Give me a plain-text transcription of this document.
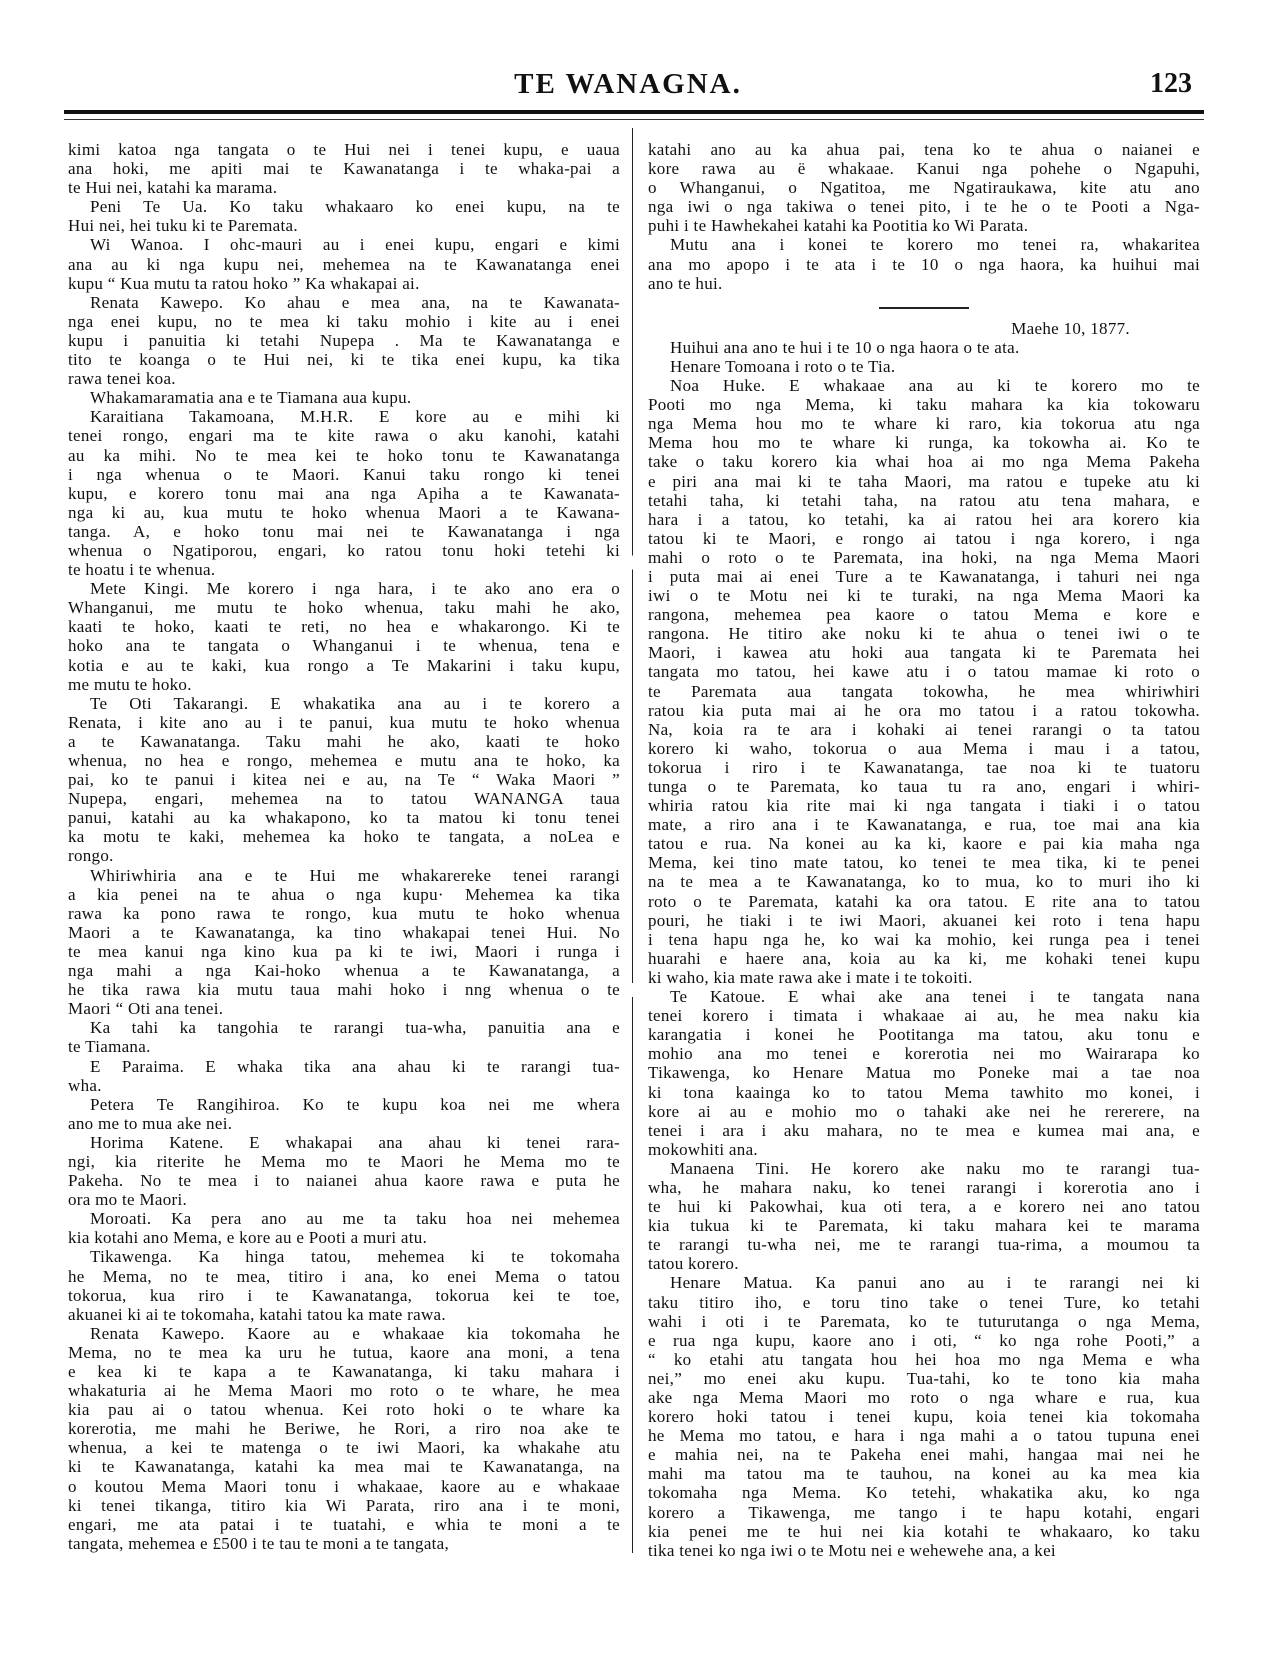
TE WANAGNA.	123
kimi katoa nga tangata o te Hui nei i tenei kupu, e uaua
ana hoki, me apiti mai te Kawanatanga i te whaka-pai a
te Hui nei, katahi ka marama.
Peni Te Ua. Ko taku whakaaro ko enei kupu, na te
Hui nei, hei tuku ki te Paremata.
Wi Wanoa. I ohc-mauri au i enei kupu, engari e kimi
ana au ki nga kupu nei, mehemea na te Kawanatanga enei
kupu “ Kua mutu ta ratou hoko ” Ka whakapai ai.
Renata Kawepo. Ko ahau e mea ana, na te Kawanata-
nga enei kupu, no te mea ki taku mohio i kite au i enei
kupu i panuitia ki tetahi Nupepa . Ma te Kawanatanga e
tito te koanga o te Hui nei, ki te tika enei kupu, ka tika
rawa tenei koa.
Whakamaramatia ana e te Tiamana aua kupu.
Karaitiana Takamoana, M.H.R. E kore au e mihi ki
tenei rongo, engari ma te kite rawa o aku kanohi, katahi
au ka mihi. No te mea kei te hoko tonu te Kawanatanga
i nga whenua o te Maori. Kanui taku rongo ki tenei
kupu, e korero tonu mai ana nga Apiha a te Kawanata-
nga ki au, kua mutu te hoko whenua Maori a te Kawana-
tanga. A, e hoko tonu mai nei te Kawanatanga i nga
whenua o Ngatiporou, engari, ko ratou tonu hoki tetehi ki
te hoatu i te whenua.
Mete Kingi. Me korero i nga hara, i te ako ano era o
Whanganui, me mutu te hoko whenua, taku mahi he ako,
kaati te hoko, kaati te reti, no hea e whakarongo. Ki te
hoko ana te tangata o Whanganui i te whenua, tena e
kotia e au te kaki, kua rongo a Te Makarini i taku kupu,
me mutu te hoko.
Te Oti Takarangi. E whakatika ana au i te korero a
Renata, i kite ano au i te panui, kua mutu te hoko whenua
a te Kawanatanga. Taku mahi he ako, kaati te hoko
whenua, no hea e rongo, mehemea e mutu ana te hoko, ka
pai, ko te panui i kitea nei e au, na Te “ Waka Maori ”
Nupepa, engari, mehemea na to tatou WANANGA taua
panui, katahi au ka whakapono, ko ta matou ki tonu tenei
ka motu te kaki, mehemea ka hoko te tangata, a noLea e
rongo.
Whiriwhiria ana e te Hui me whakarereke tenei rarangi
a kia penei na te ahua o nga kupu· Mehemea ka tika
rawa ka pono rawa te rongo, kua mutu te hoko whenua
Maori a te Kawanatanga, ka tino whakapai tenei Hui. No
te mea kanui nga kino kua pa ki te iwi, Maori i runga i
nga mahi a nga Kai-hoko whenua a te Kawanatanga, a
he tika rawa kia mutu taua mahi hoko i nng whenua o te
Maori “ Oti ana tenei.
Ka tahi ka tangohia te rarangi tua-wha, panuitia ana e
te Tiamana.
E Paraima. E whaka tika ana ahau ki te rarangi tua-
wha.
Petera Te Rangihiroa. Ko te kupu koa nei me whera
ano me to mua ake nei.
Horima Katene. E whakapai ana ahau ki tenei rara-
ngi, kia riterite he Mema mo te Maori he Mema mo te
Pakeha. No te mea i to naianei ahua kaore rawa e puta he
ora mo te Maori.
Moroati. Ka pera ano au me ta taku hoa nei mehemea
kia kotahi ano Mema, e kore au e Pooti a muri atu.
Tikawenga. Ka hinga tatou, mehemea ki te tokomaha
he Mema, no te mea, titiro i ana, ko enei Mema o tatou
tokorua, kua riro i te Kawanatanga, tokorua kei te toe,
akuanei ki ai te tokomaha, katahi tatou ka mate rawa.
Renata Kawepo. Kaore au e whakaae kia tokomaha he
Mema, no te mea ka uru he tutua, kaore ana moni, a tena
e kea ki te kapa a te Kawanatanga, ki taku mahara i
whakaturia ai he Mema Maori mo roto o te whare, he mea
kia pau ai o tatou whenua. Kei roto hoki o te whare ka
korerotia, me mahi he Beriwe, he Rori, a riro noa ake te
whenua, a kei te matenga o te iwi Maori, ka whakahe atu
ki te Kawanatanga, katahi ka mea mai te Kawanatanga, na
o koutou Mema Maori tonu i whakaae, kaore au e whakaae
ki tenei tikanga, titiro kia Wi Parata, riro ana i te moni,
engari, me ata patai i te tuatahi, e whia te moni a te
tangata, mehemea e £500 i te tau te moni a te tangata,
katahi ano au ka ahua pai, tena ko te ahua o naianei e
kore rawa au ë whakaae. Kanui nga pohehe o Ngapuhi,
o Whanganui, o Ngatitoa, me Ngatiraukawa, kite atu ano
nga iwi o nga takiwa o tenei pito, i te he o te Pooti a Nga-
puhi i te Hawhekahei katahi ka Pootitia ko Wi Parata.
Mutu ana i konei te korero mo tenei ra, whakaritea
ana mo apopo i te ata i te 10 o nga haora, ka huihui mai
ano te hui.
Maehe 10, 1877.
Huihui ana ano te hui i te 10 o nga haora o te ata.
Henare Tomoana i roto o te Tia.
Noa Huke. E whakaae ana au ki te korero mo te
Pooti mo nga Mema, ki taku mahara ka kia tokowaru
nga Mema hou mo te whare ki raro, kia tokorua atu nga
Mema hou mo te whare ki runga, ka tokowha ai. Ko te
take o taku korero kia whai hoa ai mo nga Mema Pakeha
e piri ana mai ki te taha Maori, ma ratou e tupeke atu ki
tetahi taha, ki tetahi taha, na ratou atu tena mahara, e
hara i a tatou, ko tetahi, ka ai ratou hei ara korero kia
tatou ki te Maori, e rongo ai tatou i nga korero, i nga
mahi o roto o te Paremata, ina hoki, na nga Mema Maori
i puta mai ai enei Ture a te Kawanatanga, i tahuri nei nga
iwi o te Motu nei ki te turaki, na nga Mema Maori ka
rangona, mehemea pea kaore o tatou Mema e kore e
rangona. He titiro ake noku ki te ahua o tenei iwi o te
Maori, i kawea atu hoki aua tangata ki te Paremata hei
tangata mo tatou, hei kawe atu i o tatou mamae ki roto o
te Paremata aua tangata tokowha, he mea whiriwhiri
ratou kia puta mai ai he ora mo tatou i a ratou tokowha.
Na, koia ra te ara i kohaki ai tenei rarangi o ta tatou
korero ki waho, tokorua o aua Mema i mau i a tatou,
tokorua i riro i te Kawanatanga, tae noa ki te tuatoru
tunga o te Paremata, ko taua tu ra ano, engari i whiri-
whiria ratou kia rite mai ki nga tangata i tiaki i o tatou
mate, a riro ana i te Kawanatanga, e rua, toe mai ana kia
tatou e rua. Na konei au ka ki, kaore e pai kia maha nga
Mema, kei tino mate tatou, ko tenei te mea tika, ki te penei
na te mea a te Kawanatanga, ko to mua, ko to muri iho ki
roto o te Paremata, katahi ka ora tatou. E rite ana to tatou
pouri, he tiaki i te iwi Maori, akuanei kei roto i tena hapu
i tena hapu nga he, ko wai ka mohio, kei runga pea i tenei
huarahi e haere ana, koia au ka ki, me kohaki tenei kupu
ki waho, kia mate rawa ake i mate i te tokoiti.
Te Katoue. E whai ake ana tenei i te tangata nana
tenei korero i timata i whakaae ai au, he mea naku kia
karangatia i konei he Pootitanga ma tatou, aku tonu e
mohio ana mo tenei e korerotia nei mo Wairarapa ko
Tikawenga, ko Henare Matua mo Poneke mai a tae noa
ki tona kaainga ko to tatou Mema tawhito mo konei, i
kore ai au e mohio mo o tahaki ake nei he rererere, na
tenei i ara i aku mahara, no te mea e kumea mai ana, e
mokowhiti ana.
Manaena Tini. He korero ake naku mo te rarangi tua-
wha, he mahara naku, ko tenei rarangi i korerotia ano i
te hui ki Pakowhai, kua oti tera, a e korero nei ano tatou
kia tukua ki te Paremata, ki taku mahara kei te marama
te rarangi tu-wha nei, me te rarangi tua-rima, a moumou ta
tatou korero.
Henare Matua. Ka panui ano au i te rarangi nei ki
taku titiro iho, e toru tino take o tenei Ture, ko tetahi
wahi i oti i te Paremata, ko te tuturutanga o nga Mema,
e rua nga kupu, kaore ano i oti, “ ko nga rohe Pooti,” a
“ ko etahi atu tangata hou hei hoa mo nga Mema e wha
nei,” mo enei aku kupu. Tua-tahi, ko te tono kia maha
ake nga Mema Maori mo roto o nga whare e rua, kua
korero hoki tatou i tenei kupu, koia tenei kia tokomaha
he Mema mo tatou, e hara i nga mahi a o tatou tupuna enei
e mahia nei, na te Pakeha enei mahi, hangaa mai nei he
mahi ma tatou ma te tauhou, na konei au ka mea kia
tokomaha nga Mema. Ko tetehi, whakatika aku, ko nga
korero a Tikawenga, me tango i te hapu kotahi, engari
kia penei me te hui nei kia kotahi te whakaaro, ko taku
tika tenei ko nga iwi o te Motu nei e wehewehe ana, a kei
